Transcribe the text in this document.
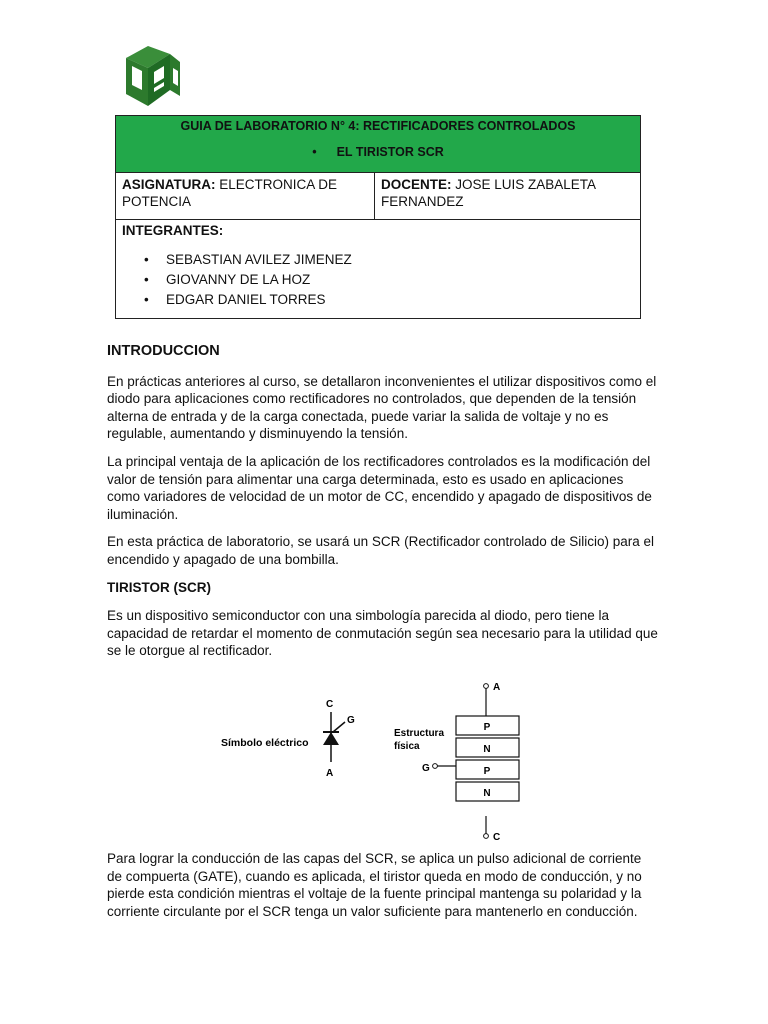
GUIA DE LABORATORIO N° 4: RECTIFICADORES CONTROLADOS
• EL TIRISTOR SCR

ASIGNATURA: ELECTRONICA DE POTENCIA	DOCENTE: JOSE LUIS ZABALETA FERNANDEZ
INTEGRANTES:
• SEBASTIAN AVILEZ JIMENEZ
• GIOVANNY DE LA HOZ
• EDGAR DANIEL TORRES
INTRODUCCION

En prácticas anteriores al curso, se detallaron inconvenientes el utilizar dispositivos como el diodo para aplicaciones como rectificadores no controlados, que dependen de la tensión alterna de entrada y de la carga conectada, puede variar la salida de voltaje y no es regulable, aumentando y disminuyendo la tensión.

La principal ventaja de la aplicación de los rectificadores controlados es la modificación del valor de tensión para alimentar una carga determinada, esto es usado en aplicaciones como variadores de velocidad de un motor de CC, encendido y apagado de dispositivos de iluminación.

En esta práctica de laboratorio, se usará un SCR (Rectificador controlado de Silicio) para el encendido y apagado de una bombilla.

TIRISTOR (SCR)

Es un dispositivo semiconductor con una simbología parecida al diodo, pero tiene la capacidad de retardar el momento de conmutación según sea necesario para la utilidad que se le otorgue al rectificador.

Símbolo eléctrico
C
G
A
Estructura
física
P
N
P
N
G
A
C

Para lograr la conducción de las capas del SCR, se aplica un pulso adicional de corriente de compuerta (GATE), cuando es aplicada, el tiristor queda en modo de conducción, y no pierde esta condición mientras el voltaje de la fuente principal mantenga su polaridad y la corriente circulante por el SCR tenga un valor suficiente para mantenerlo en conducción.
